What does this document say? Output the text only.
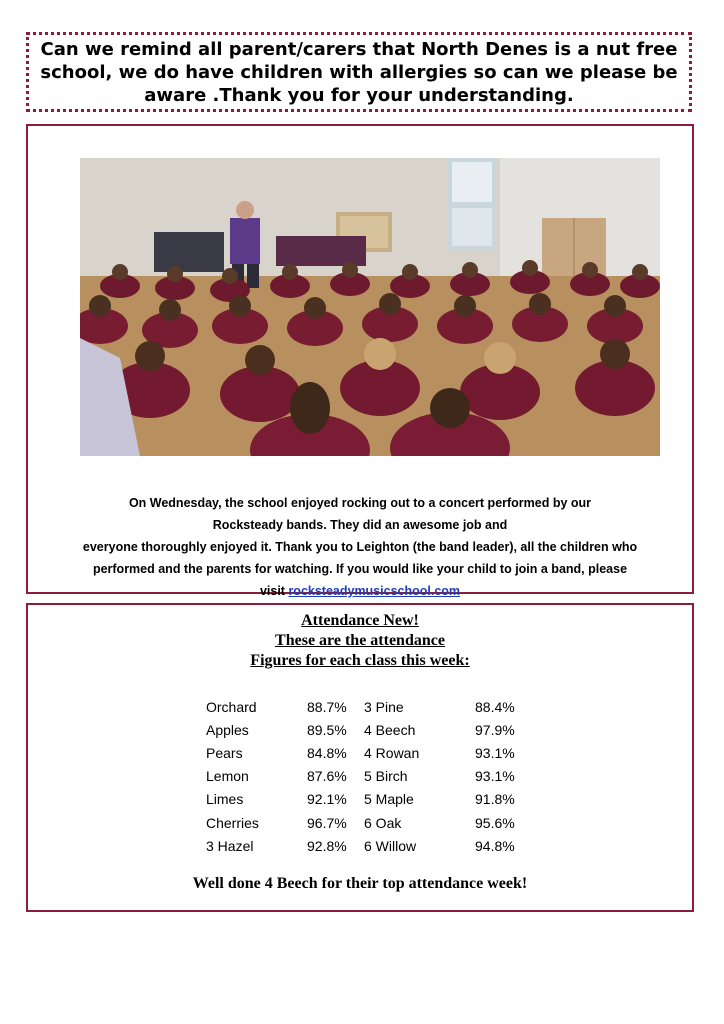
Can we remind all parent/carers that North Denes is a nut free school, we do have children with allergies so can we please be aware .Thank you for your understanding.

On Wednesday, the school enjoyed rocking out to a concert performed by our
Rocksteady bands. They did an awesome job and
everyone thoroughly enjoyed it. Thank you to Leighton (the band leader), all the children who
performed and the parents for watching. If you would like your child to join a band, please
visit rocksteadymusicschool.com
Attendance New!
These are the attendance
Figures for each class this week:
Orchard	88.7%	3 Pine	88.4%
Apples	89.5%	4 Beech	97.9%
Pears	84.8%	4 Rowan	93.1%
Lemon	87.6%	5 Birch	93.1%
Limes	92.1%	5 Maple	91.8%
Cherries	96.7%	6 Oak	95.6%
3 Hazel	92.8%	6 Willow	94.8%
Well done 4 Beech for their top attendance week!
